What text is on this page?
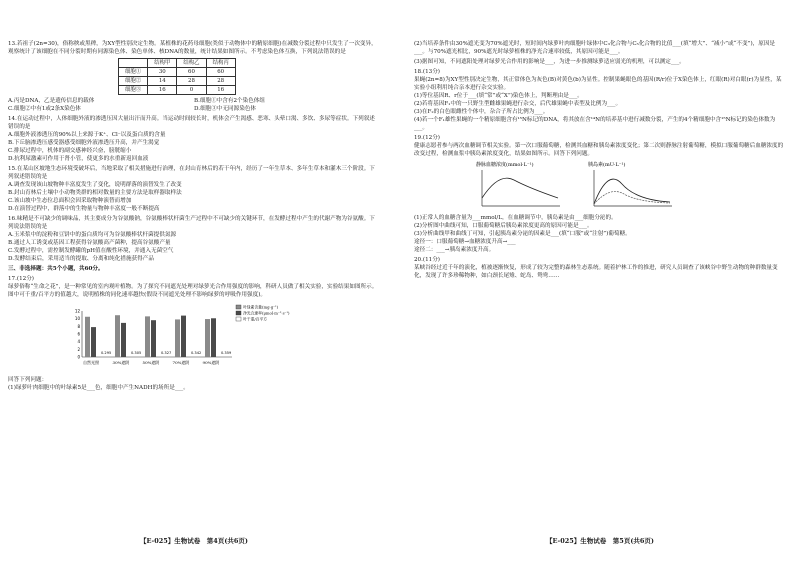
13.若祖子(2n=30)，俗称秧或黑稗，为XY型性别决定生物。某植株的花药母细胞(类似于动物体中的精原细胞)在减数分裂过程中只发生了一次变异，观察统计了该细胞在不同分裂时期有同源染色体、染色单体、核DNA的数量，统计结果如图所示。不考虑染色体互换，下列说法错误的是
	结构甲	结构乙	结构丙
细胞①	30	60	60
细胞②	14	28	28
细胞③	16	0	16
A.丙是DNA，乙是遗传信息的载体	B.细胞①中含有2个染色体组
C.细胞②中有1或2条X染色体	D.细胞③中无同源染色体
14.在运动过程中，人体细胞外液的渗透压因大量出汗而升高。当运动时间较长时，机体会产生渴感、恶寒、头晕口渴、多饮、多尿等症状。下列叙述错误的是
A.细胞外液渗透压的90%以上来源于K⁺、Cl⁻以及蛋白质的含量
B.下丘脑渗透压感受器感受细胞外液渗透压升高，并产生渴觉
C.排尿过程中，机体的副交感神经兴奋，膀胱缩小
D.抗利尿激素可作用于肾小管，使更多的水重新返回血液
15.在某山区坡地生态环境受破坏后，当地采取了相关措施进行治理，在封山育林后的若干年内，经历了一年生草本、多年生草本和灌木三个阶段。下列叙述错误的是
A.调查发现该山坡物种丰富度发生了变化，说明群落的演替发生了改变
B.封山育林后土壤中小动物类群的相对数量的主要方法是取样器取样法
C.该山坡中生态位总面积会因采取物种演替而增加
D.在演替过程中，群落中的生物量与物种丰富度一般不断提高
16.味精是不可缺少的调味品，其主要成分为谷氨酸钠，谷氨酸棒状杆菌生产过程中不可缺少的关键环节，在发酵过程中产生的代谢产物为谷氨酸。下列说法错误的是
A.玉米浆中的淀粉和豆饼中的蛋白质均可为谷氨酸棒状杆菌提供氮源
B.通过人工诱变或基因工程获得谷氨酸高产菌种，提高谷氨酸产量
C.发酵过程中，需控制发酵罐的pH值在酸性环境，并通入无菌空气
D.发酵结束后，采用适当的提取、分离和纯化措施获得产品
三、非选择题：共5个小题，共60分。
17.(12分)
绿萝俗称“生命之花”，是一种常见的室内观叶植物。为了探究不同遮光处理对绿萝光合作用强度的影响，科研人员做了相关实验，实验结果如图所示。图中可千重/百平方的值越大，说明植株的同化速率越快(假设不同遮光处理不影响绿萝的呼吸作用强度)。
0
2
4
6
8
10
12
0.295
自然光照
0.305
30%遮阴
0.327
50%遮阴
0.342
70%遮阴
0.359
90%遮阴
叶绿素含量(mg·g⁻¹)
净光合速率(μmol·m⁻²·s⁻¹)
叶干重/百平方
回答下列问题：
(1)绿萝叶肉细胞中的叶绿素5是___色，细胞中产生NADH的场所是___。
(2)当培养条件由30%遮光变为70%遮光时，短时间内绿萝叶肉细胞叶绿体中C₃化合物与C₅化合物的比值___(填“增大”、“减小”或“不变”)，原因是___。与70%遮光相比，90%遮光时绿萝植株的净光合速率较低，其原因可能是___。
(3)据图可知，不同遮阳处理对绿萝光合作用的影响是___，为进一步推测绿萝适应弱光的机理，可以测定___。
18.(13分)
果蝇(2n=8)为XY型性别决定生物，其正常体色为灰色(B)对黄色(b)为显性。控制果蝇眼色的基因(R/r)位于X染色体上，红眼(R)对白眼(r)为显性，某实验小组利用纯合亲本进行杂交实验。
(1)等位基因R、r位于___(填“常”或“X”)染色体上，判断理由是___。
(2)若将基因F₁中的一只野生型雌雄果蝇进行杂交，后代雄果蝇中表型及比例为___。
(3)在F₂的白色眼雌性个体中，杂合子所占比例为___。
(4)若一个F₁雄性果蝇的一个精原细胞含有¹⁵N标记的DNA，将其放在含¹⁴N的培养基中进行减数分裂，产生的4个精细胞中含¹⁵N标记的染色体数为___。
19.(12分)
健康志愿者参与两次血糖调节相关实验。第一次口服葡萄糖，检测其血糖和胰岛素浓度变化；第二次则静脉注射葡萄糖，模拟口服葡萄糖后血糖浓度的改变过程，检测血浆中胰岛素浓度变化，结果如图所示。回答下列问题。
静脉血糖浓度(mmol·L⁻¹)	胰岛素(mU·L⁻¹)
(1)正常人的血糖含量为___mmol/L，在血糖调节中，胰岛素是由___细胞分泌的。
(2)分析图中曲线可知，口服葡萄糖后胰岛素浓度更高的原因可能是___。
(3)分析曲线甲和曲线丁可知，引起胰岛素分泌的因素是___(填“口服”或“注射”)葡萄糖。
途径一：口服葡萄糖→血糖浓度升高→___
途径二：___→胰岛素浓度升高。
20.(11分)
某峡谷经过近千年的演化，植被逐渐恢复，形成了较为完整的森林生态系统。随着护林工作的推进，研究人员调查了该峡谷中野生动物的种群数量变化，发现了许多珍稀物种，如白颈长尾雉、蛇岛、鸳鸯……
【E-025】生物试卷　第4页(共6页)	【E-025】生物试卷　第5页(共6页)
